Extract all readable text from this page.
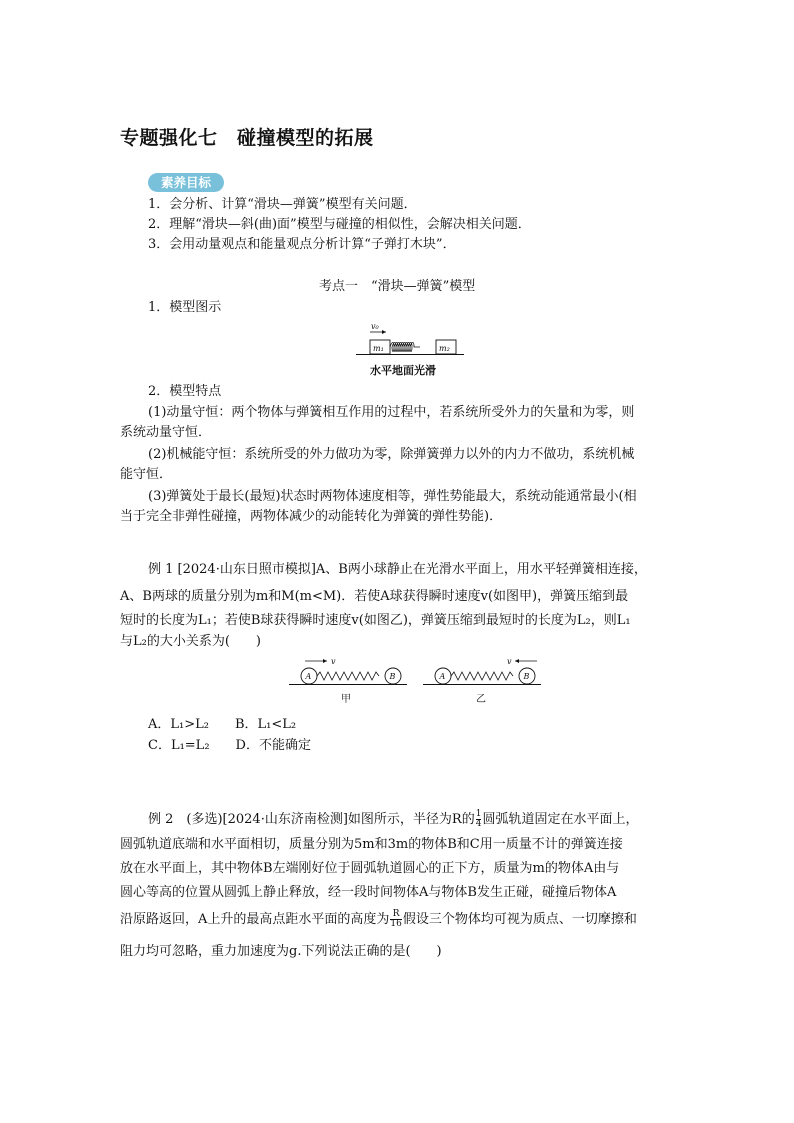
专题强化七　碰撞模型的拓展
素养目标
1．会分析、计算“滑块—弹簧”模型有关问题．
2．理解“滑块—斜(曲)面”模型与碰撞的相似性，会解决相关问题．
3．会用动量观点和能量观点分析计算“子弹打木块”．
考点一　“滑块—弹簧”模型
1．模型图示
v₀
m₁	m₂
水平地面光滑
2．模型特点
(1)动量守恒：两个物体与弹簧相互作用的过程中，若系统所受外力的矢量和为零，则
系统动量守恒．
(2)机械能守恒：系统所受的外力做功为零，除弹簧弹力以外的内力不做功，系统机械
能守恒．
(3)弹簧处于最长(最短)状态时两物体速度相等，弹性势能最大，系统动能通常最小(相
当于完全非弹性碰撞，两物体减少的动能转化为弹簧的弹性势能)．
例 1 [2024·山东日照市模拟]A、B两小球静止在光滑水平面上，用水平轻弹簧相连接，
A、B两球的质量分别为m和M(m<M)．若使A球获得瞬时速度v(如图甲)，弹簧压缩到最
短时的长度为L₁；若使B球获得瞬时速度v(如图乙)，弹簧压缩到最短时的长度为L₂，则L₁
与L₂的大小关系为(　　)
v
A	B
甲
v
A	B
乙
A．L₁>L₂　　B．L₁<L₂
C．L₁=L₂　　D．不能确定
例 2　(多选)[2024·山东济南检测]如图所示，半径为R的 $\frac{1}{4}$ 圆弧轨道固定在水平面上，
圆弧轨道底端和水平面相切，质量分别为5m和3m的物体B和C用一质量不计的弹簧连接
放在水平面上，其中物体B左端刚好位于圆弧轨道圆心的正下方，质量为m的物体A由与
圆心等高的位置从圆弧上静止释放，经一段时间物体A与物体B发生正碰，碰撞后物体A
沿原路返回，A上升的最高点距水平面的高度为 $\frac{R}{16}$ 假设三个物体均可视为质点、一切摩擦和
阻力均可忽略，重力加速度为g.下列说法正确的是(　　)
